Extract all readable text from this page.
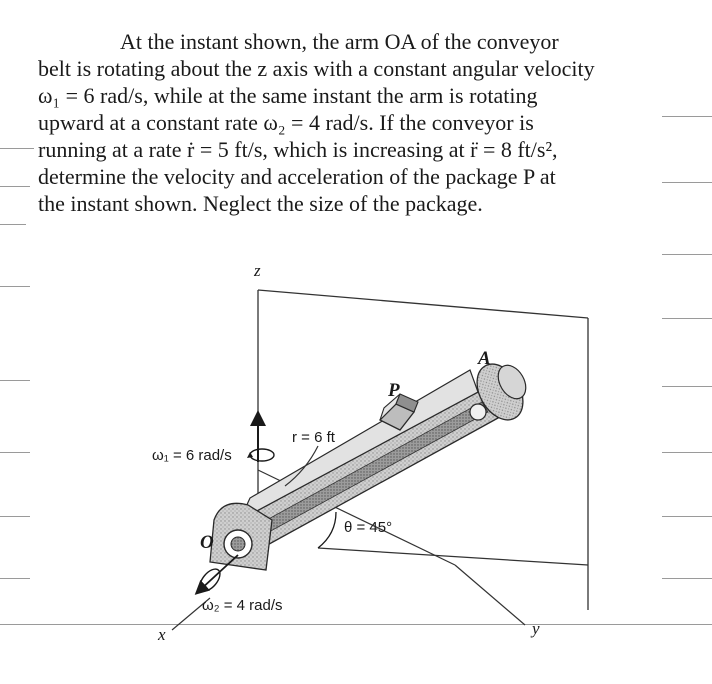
At the instant shown, the arm OA of the conveyor
belt is rotating about the z axis with a constant angular velocity
ω₁ = 6 rad/s, while at the same instant the arm is rotating
upward at a constant rate ω₂ = 4 rad/s. If the conveyor is
running at a rate ṙ = 5 ft/s, which is increasing at r̈ = 8 ft/s²,
determine the velocity and acceleration of the package P at
the instant shown. Neglect the size of the package.
z
x	y
O
A
P
ω₁ = 6 rad/s
ω₂ = 4 rad/s
r = 6 ft
θ = 45°
